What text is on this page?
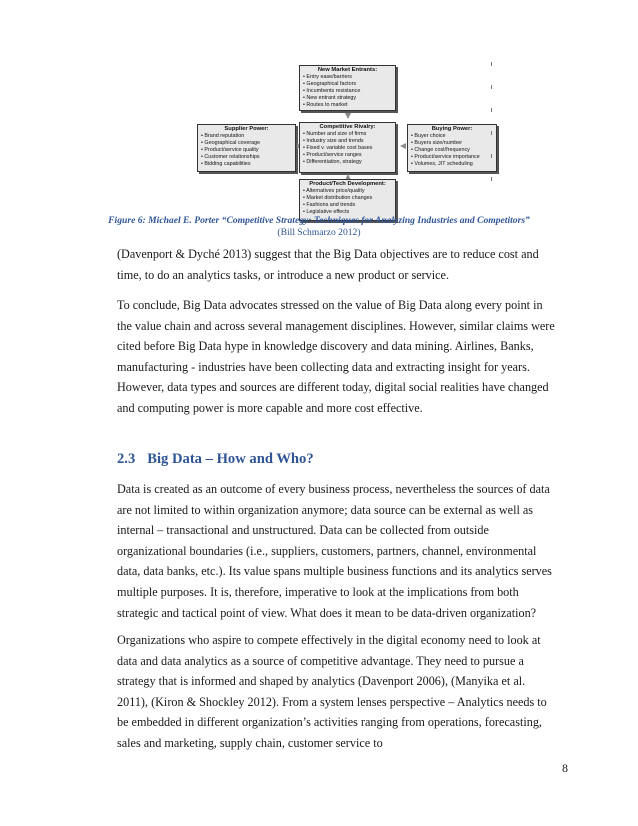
New Market Entrants:
• Entry ease/barriers
• Geographical factors
• Incumbents resistance
• New entrant strategy
• Routes to market
Supplier Power:
• Brand reputation
• Geographical coverage
• Product/service quality
• Customer relationships
• Bidding capabilities
Competitive Rivalry:
• Number and size of firms
• Industry size and trends
• Fixed v. variable cost bases
• Product/service ranges
• Differentiation, strategy
Buying Power:
• Buyer choice
• Buyers size/number
• Change cost/frequency
• Product/service importance
• Volumes, JIT scheduling
Product/Tech Development:
• Alternatives price/quality
• Market distribution changes
• Fashions and trends
• Legislative effects
Figure 6: Michael E. Porter “Competitive Strategy: Techniques for Analyzing Industries and Competitors”
(Bill Schmarzo 2012)

(Davenport & Dyché 2013) suggest that the Big Data objectives are to reduce cost and time, to do an analytics tasks, or introduce a new product or service.

To conclude, Big Data advocates stressed on the value of Big Data along every point in the value chain and across several management disciplines. However, similar claims were cited before Big Data hype in knowledge discovery and data mining. Airlines, Banks, manufacturing - industries have been collecting data and extracting insight for years. However, data types and sources are different today, digital social realities have changed and computing power is more capable and more cost effective.

2.3 Big Data – How and Who?

Data is created as an outcome of every business process, nevertheless the sources of data are not limited to within organization anymore; data source can be external as well as internal – transactional and unstructured. Data can be collected from outside organizational boundaries (i.e., suppliers, customers, partners, channel, environmental data, data banks, etc.). Its value spans multiple business functions and its analytics serves multiple purposes. It is, therefore, imperative to look at the implications from both strategic and tactical point of view. What does it mean to be data-driven organization?

Organizations who aspire to compete effectively in the digital economy need to look at data and data analytics as a source of competitive advantage. They need to pursue a strategy that is informed and shaped by analytics (Davenport 2006), (Manyika et al. 2011), (Kiron & Shockley 2012). From a system lenses perspective – Analytics needs to be embedded in different organization’s activities ranging from operations, forecasting, sales and marketing, supply chain, customer service to

8
